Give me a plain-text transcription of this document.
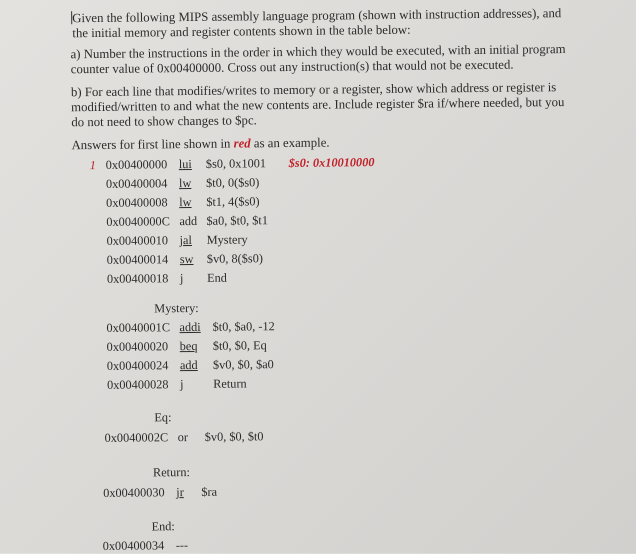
Given the following MIPS assembly language program (shown with instruction addresses), and
the initial memory and register contents shown in the table below:
a) Number the instructions in the order in which they would be executed, with an initial program
counter value of 0x00400000. Cross out any instruction(s) that would not be executed.
b) For each line that modifies/writes to memory or a register, show which address or register is
modified/written to and what the new contents are. Include register $ra if/where needed, but you
do not need to show changes to $pc.
Answers for first line shown in red as an example.
1	$s0: 0x10010000
0x00400000 lui $s0, 0x1001
0x00400004 lw $t0, 0($s0)
0x00400008 lw $t1, 4($s0)
0x0040000C add $a0, $t0, $t1
0x00400010 jal Mystery
0x00400014 sw $v0, 8($s0)
0x00400018 j End
Mystery:
0x0040001C addi $t0, $a0, -12
0x00400020 beq $t0, $0, Eq
0x00400024 add $v0, $0, $a0
0x00400028 j Return
Eq:
0x0040002C or $v0, $0, $t0
Return:
0x00400030 jr $ra
End:
0x00400034 ---
